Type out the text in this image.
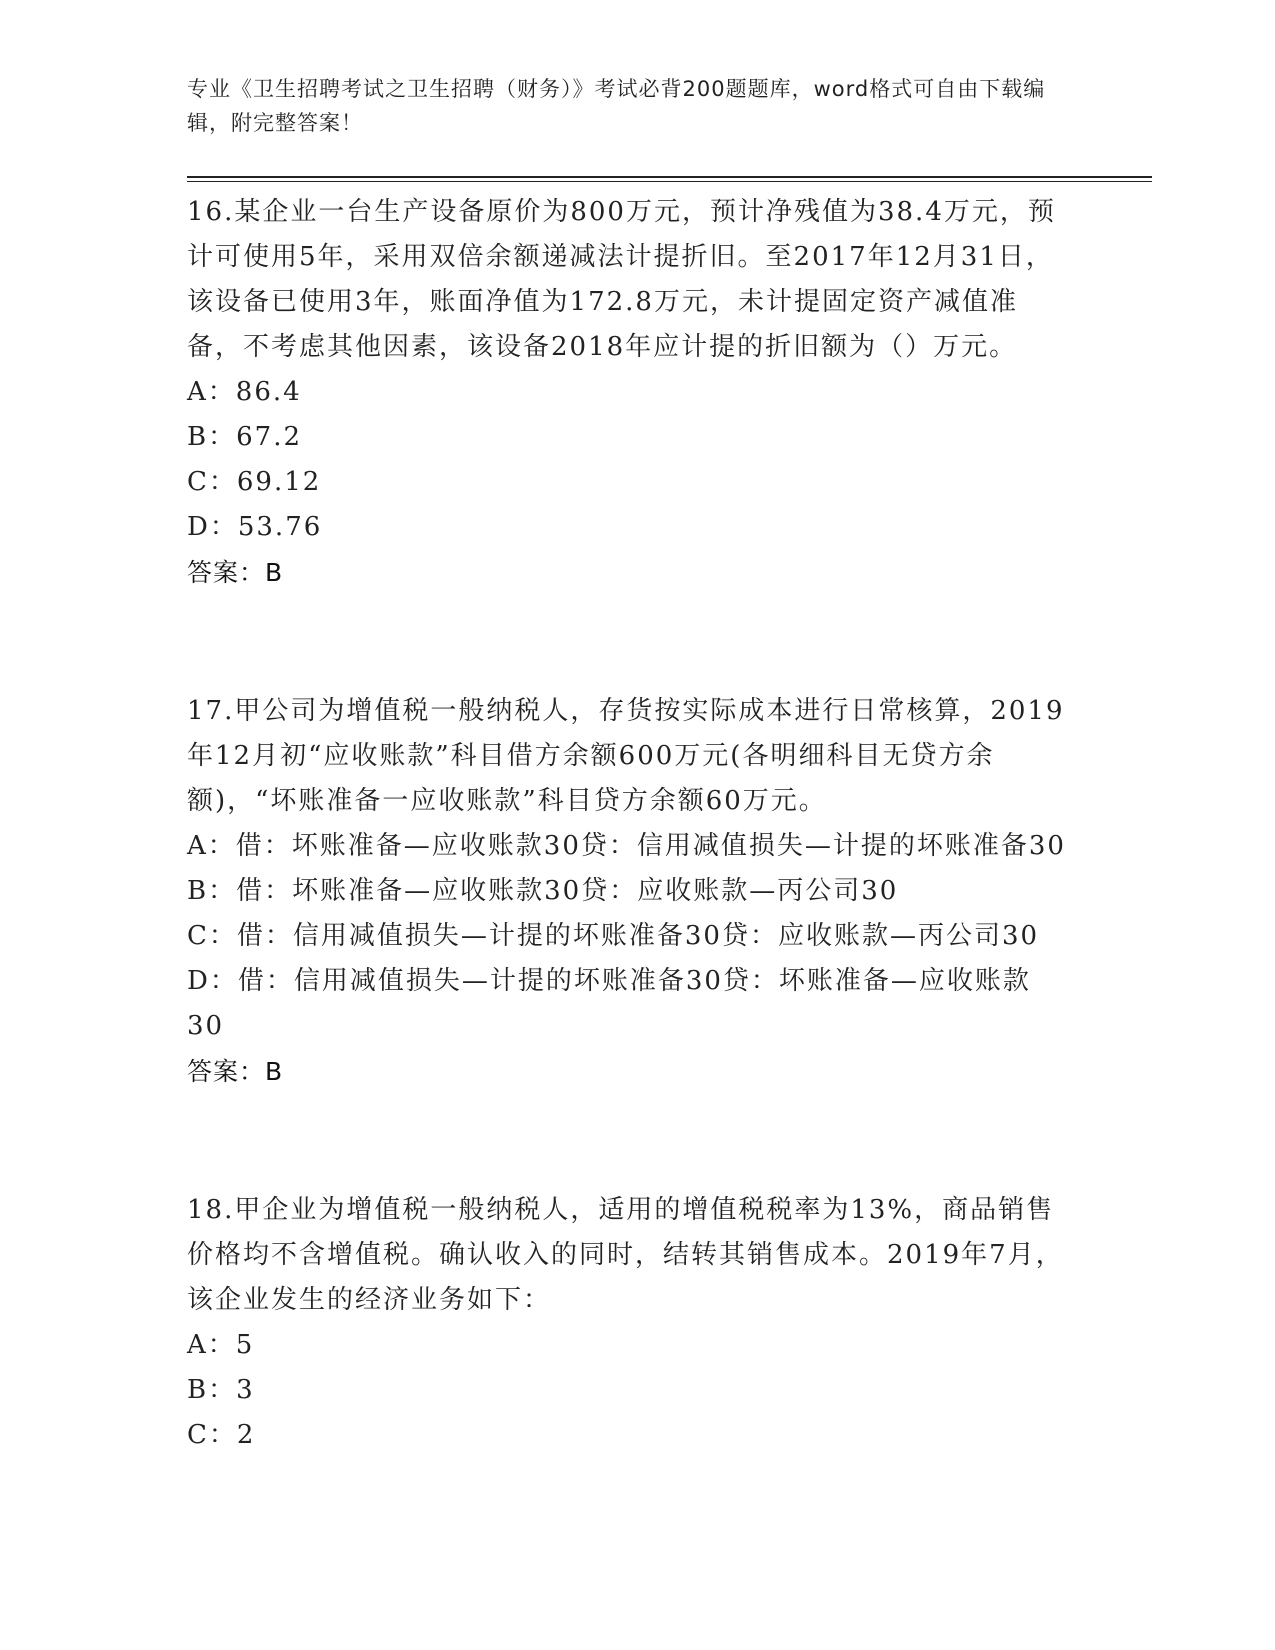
专业《卫生招聘考试之卫生招聘（财务）》考试必背200题题库，word格式可自由下载编辑，附完整答案！

16.某企业一台生产设备原价为800万元，预计净残值为38.4万元，预计可使用5年，采用双倍余额递减法计提折旧。至2017年12月31日，该设备已使用3年，账面净值为172.8万元，未计提固定资产减值准备，不考虑其他因素，该设备2018年应计提的折旧额为（）万元。

A：86.4

B：67.2

C：69.12

D：53.76

答案：B

17.甲公司为增值税一般纳税人，存货按实际成本进行日常核算，2019年12月初“应收账款”科目借方余额600万元(各明细科目无贷方余额)，“坏账准备一应收账款”科目贷方余额60万元。

A：借：坏账准备—应收账款30贷：信用减值损失—计提的坏账准备30

B：借：坏账准备—应收账款30贷：应收账款—丙公司30

C：借：信用减值损失—计提的坏账准备30贷：应收账款—丙公司30

D：借：信用减值损失—计提的坏账准备30贷：坏账准备—应收账款30

答案：B

18.甲企业为增值税一般纳税人，适用的增值税税率为13%，商品销售价格均不含增值税。确认收入的同时，结转其销售成本。2019年7月，该企业发生的经济业务如下：

A：5

B：3

C：2
